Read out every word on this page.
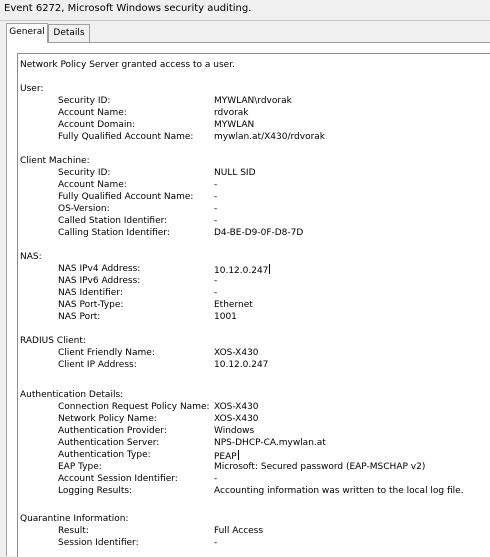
Event 6272, Microsoft Windows security auditing.
General Details
Network Policy Server granted access to a user.
User:
Security ID:	MYWLAN\rdvorak
Account Name:	rdvorak
Account Domain:	MYWLAN
Fully Qualified Account Name: mywlan.at/X430/rdvorak
Client Machine:
Security ID:	NULL SID
Account Name:	-
Fully Qualified Account Name: -
OS-Version:	-
Called Station Identifier:	-
Calling Station Identifier:	D4-BE-D9-0F-D8-7D
NAS:
NAS IPv4 Address:	10.12.0.247
NAS IPv6 Address:	-
NAS Identifier:	-
NAS Port-Type:	Ethernet
NAS Port:	1001
RADIUS Client:
Client Friendly Name:	XOS-X430
Client IP Address:	10.12.0.247
Authentication Details:
Connection Request Policy Name: XOS-X430
Network Policy Name:	XOS-X430
Authentication Provider:	Windows
Authentication Server:	NPS-DHCP-CA.mywlan.at
Authentication Type:	PEAP
EAP Type:	Microsoft: Secured password (EAP-MSCHAP v2)
Account Session Identifier:	-
Logging Results:	Accounting information was written to the local log file.
Quarantine Information:
Result:	Full Access
Session Identifier:	-
